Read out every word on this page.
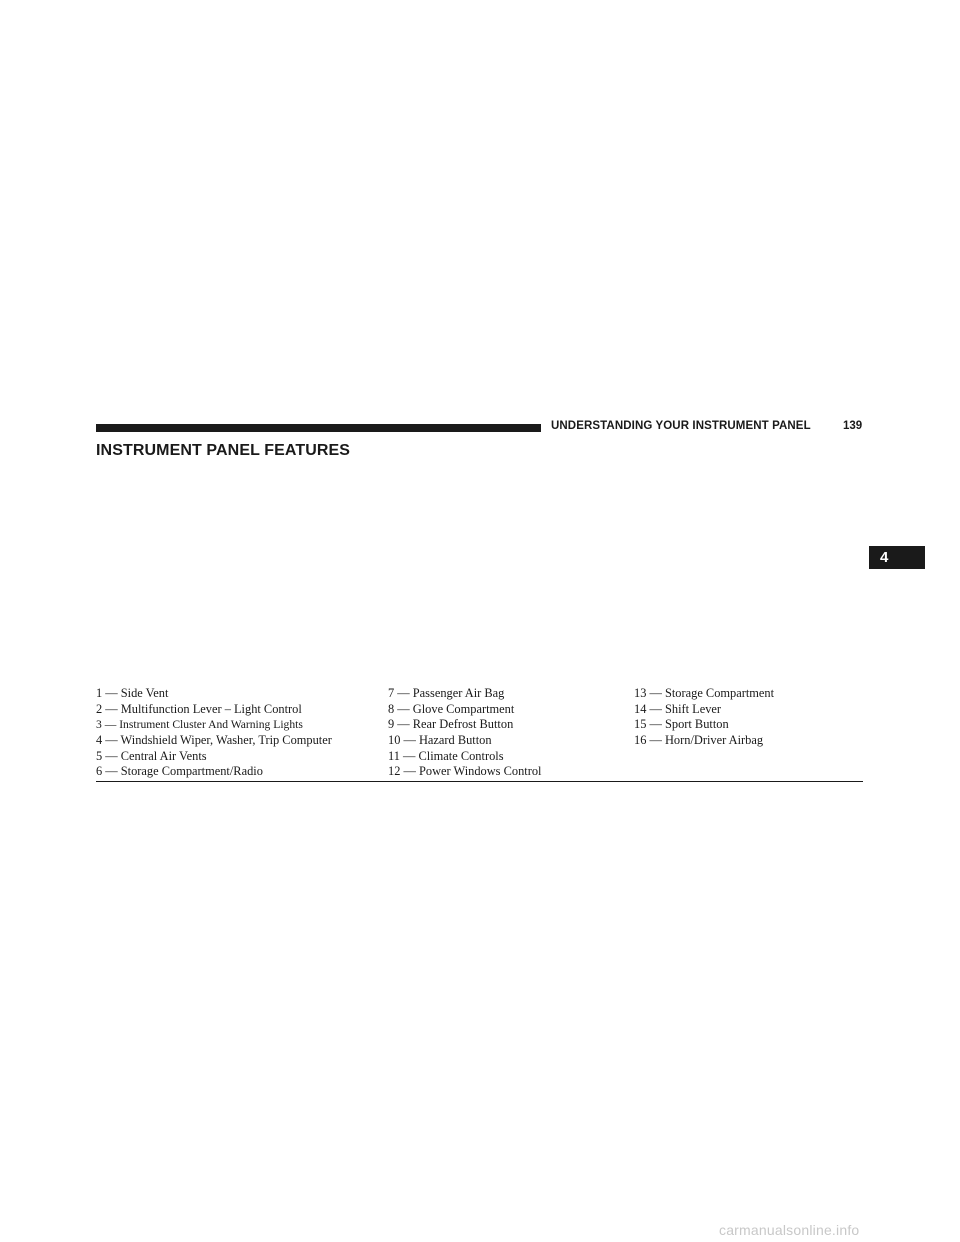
UNDERSTANDING YOUR INSTRUMENT PANEL	139
INSTRUMENT PANEL FEATURES
4
1 — Side Vent
2 — Multifunction Lever – Light Control
3 — Instrument Cluster And Warning Lights
4 — Windshield Wiper, Washer, Trip Computer
5 — Central Air Vents
6 — Storage Compartment/Radio
7 — Passenger Air Bag
8 — Glove Compartment
9 — Rear Defrost Button
10 — Hazard Button
11 — Climate Controls
12 — Power Windows Control
13 — Storage Compartment
14 — Shift Lever
15 — Sport Button
16 — Horn/Driver Airbag
carmanualsonline.info
